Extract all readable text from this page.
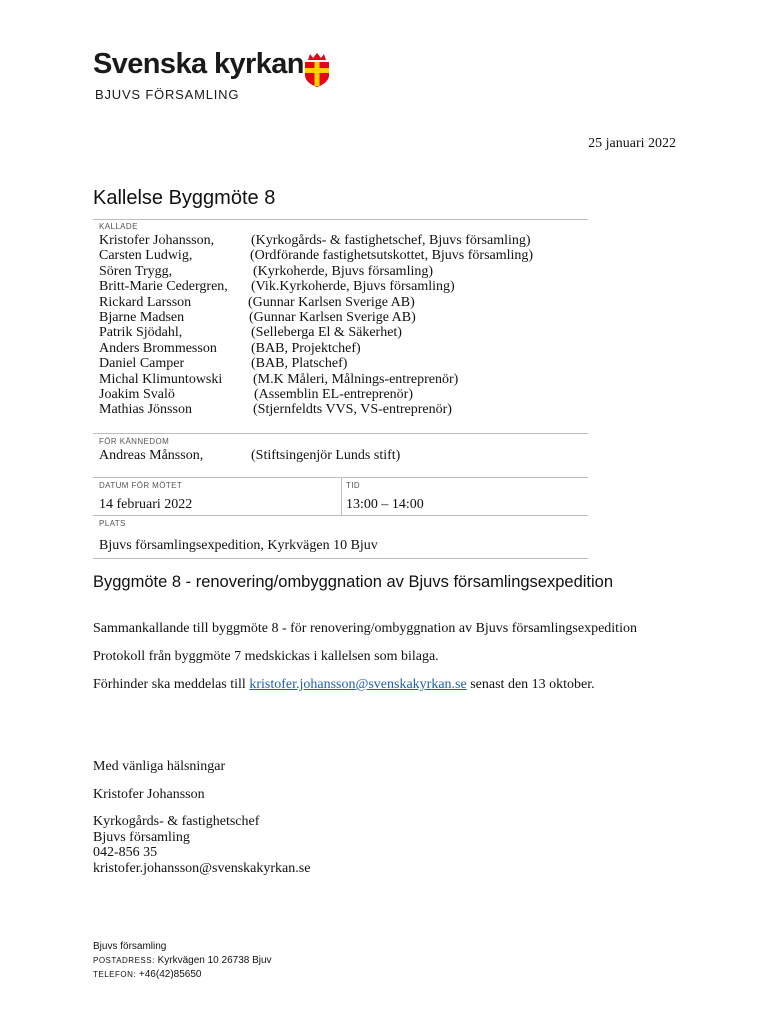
Svenska kyrkan
BJUVS FÖRSAMLING
25 januari 2022
Kallelse Byggmöte 8
KALLADE
Kristofer Johansson,	(Kyrkogårds- & fastighetschef, Bjuvs församling)
Carsten Ludwig,	(Ordförande fastighetsutskottet, Bjuvs församling)
Sören Trygg,	(Kyrkoherde, Bjuvs församling)
Britt-Marie Cedergren, (Vik.Kyrkoherde, Bjuvs församling)
Rickard Larsson	(Gunnar Karlsen Sverige AB)
Bjarne Madsen	(Gunnar Karlsen Sverige AB)
Patrik Sjödahl,	(Selleberga El & Säkerhet)
Anders Brommesson (BAB, Projektchef)
Daniel Camper	(BAB, Platschef)
Michal Klimuntowski (M.K Måleri, Målnings-entreprenör)
Joakim Svalö	(Assemblin EL-entreprenör)
Mathias Jönsson	(Stjernfeldts VVS, VS-entreprenör)
FÖR KÄNNEDOM
Andreas Månsson,	(Stiftsingenjör Lunds stift)
DATUM FÖR MÖTET
14 februari 2022
TID
13:00 – 14:00
PLATS
Bjuvs församlingsexpedition, Kyrkvägen 10 Bjuv
Byggmöte 8 - renovering/ombyggnation av Bjuvs församlingsexpedition
Sammankallande till byggmöte 8 - för renovering/ombyggnation av Bjuvs församlingsexpedition
Protokoll från byggmöte 7 medskickas i kallelsen som bilaga.
Förhinder ska meddelas till kristofer.johansson@svenskakyrkan.se senast den 13 oktober.
Med vänliga hälsningar
Kristofer Johansson
Kyrkogårds- & fastighetschef
Bjuvs församling
042-856 35
kristofer.johansson@svenskakyrkan.se
Bjuvs församling
POSTADRESS: Kyrkvägen 10 26738 Bjuv
TELEFON: +46(42)85650
